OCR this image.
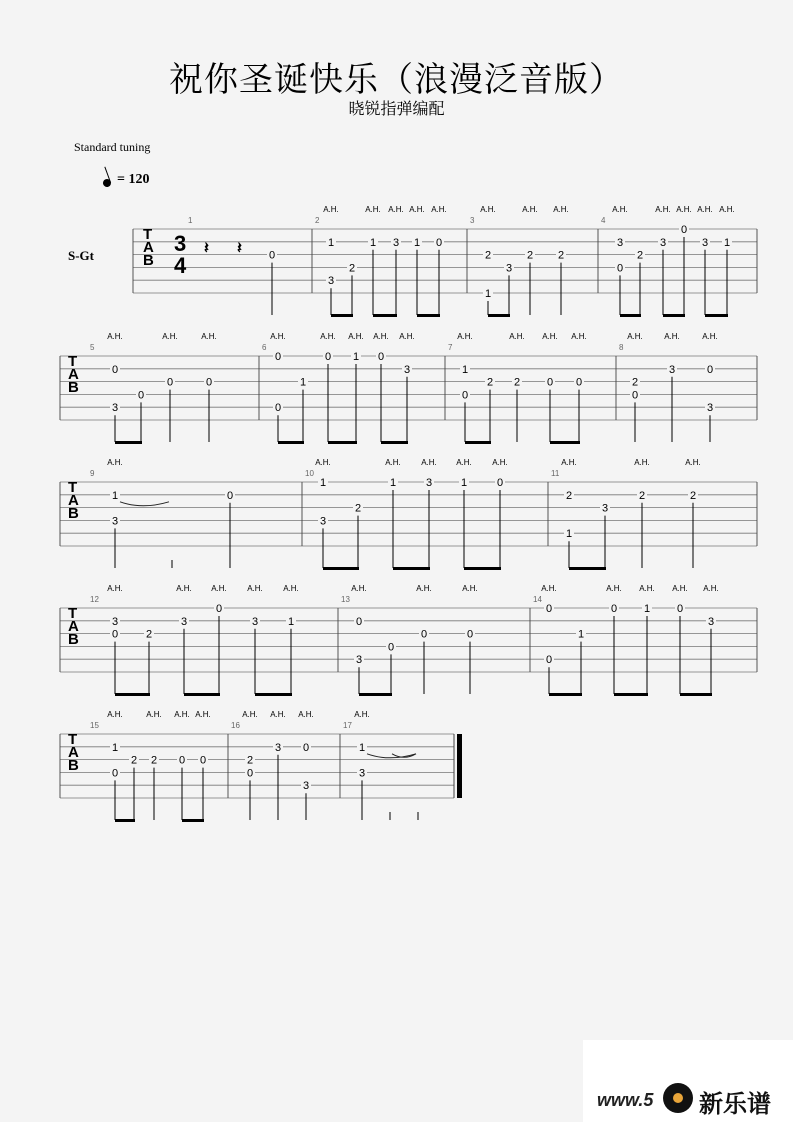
祝你圣诞快乐（浪漫泛音版）
晓锐指弹编配
Standard tuning
= 120
S-Gt
T
A
B
3
4
𝄽 𝄽
1
0
2
1
3
A.H.
2
1
A.H.
3
A.H.
1
A.H.
0
A.H.
3
2
1
A.H.
3
2
A.H.
2
A.H.
4
3
0
A.H.
2
3
A.H.
0
A.H.
3
A.H.
1
A.H.
T
A
B
5
0
3
A.H.
0
0
A.H.
0
A.H.
6
0
0
A.H.
1
0
A.H.
1
A.H.
0
A.H.
3
A.H.
7
1
0
A.H.
2 2
A.H.
0
A.H.
0
A.H.
8
2
0
A.H.
3
A.H.
0
3
A.H.
T
A
B
9
1
3
A.H.
0
10
1
3
A.H.
2
1
A.H.
3
A.H.
1
A.H.
0
A.H.
11
2
1
A.H.
3
2
A.H.
2
A.H.
T
A
B
12
3
0
A.H.
2
3
A.H.
0
A.H.
3
A.H.
1
A.H.
13
0
3
A.H.
0
0
A.H.
0
A.H.
14
0
0
A.H.
1
0
A.H.
1
A.H.
0
A.H.
3
A.H.
T
A
B
15
1
0
A.H.
2 2
A.H.
0
A.H.
0
A.H.
16
2
0
A.H.
3
A.H.
0
3
A.H.
17
1
3
A.H.
www.5 新乐谱
